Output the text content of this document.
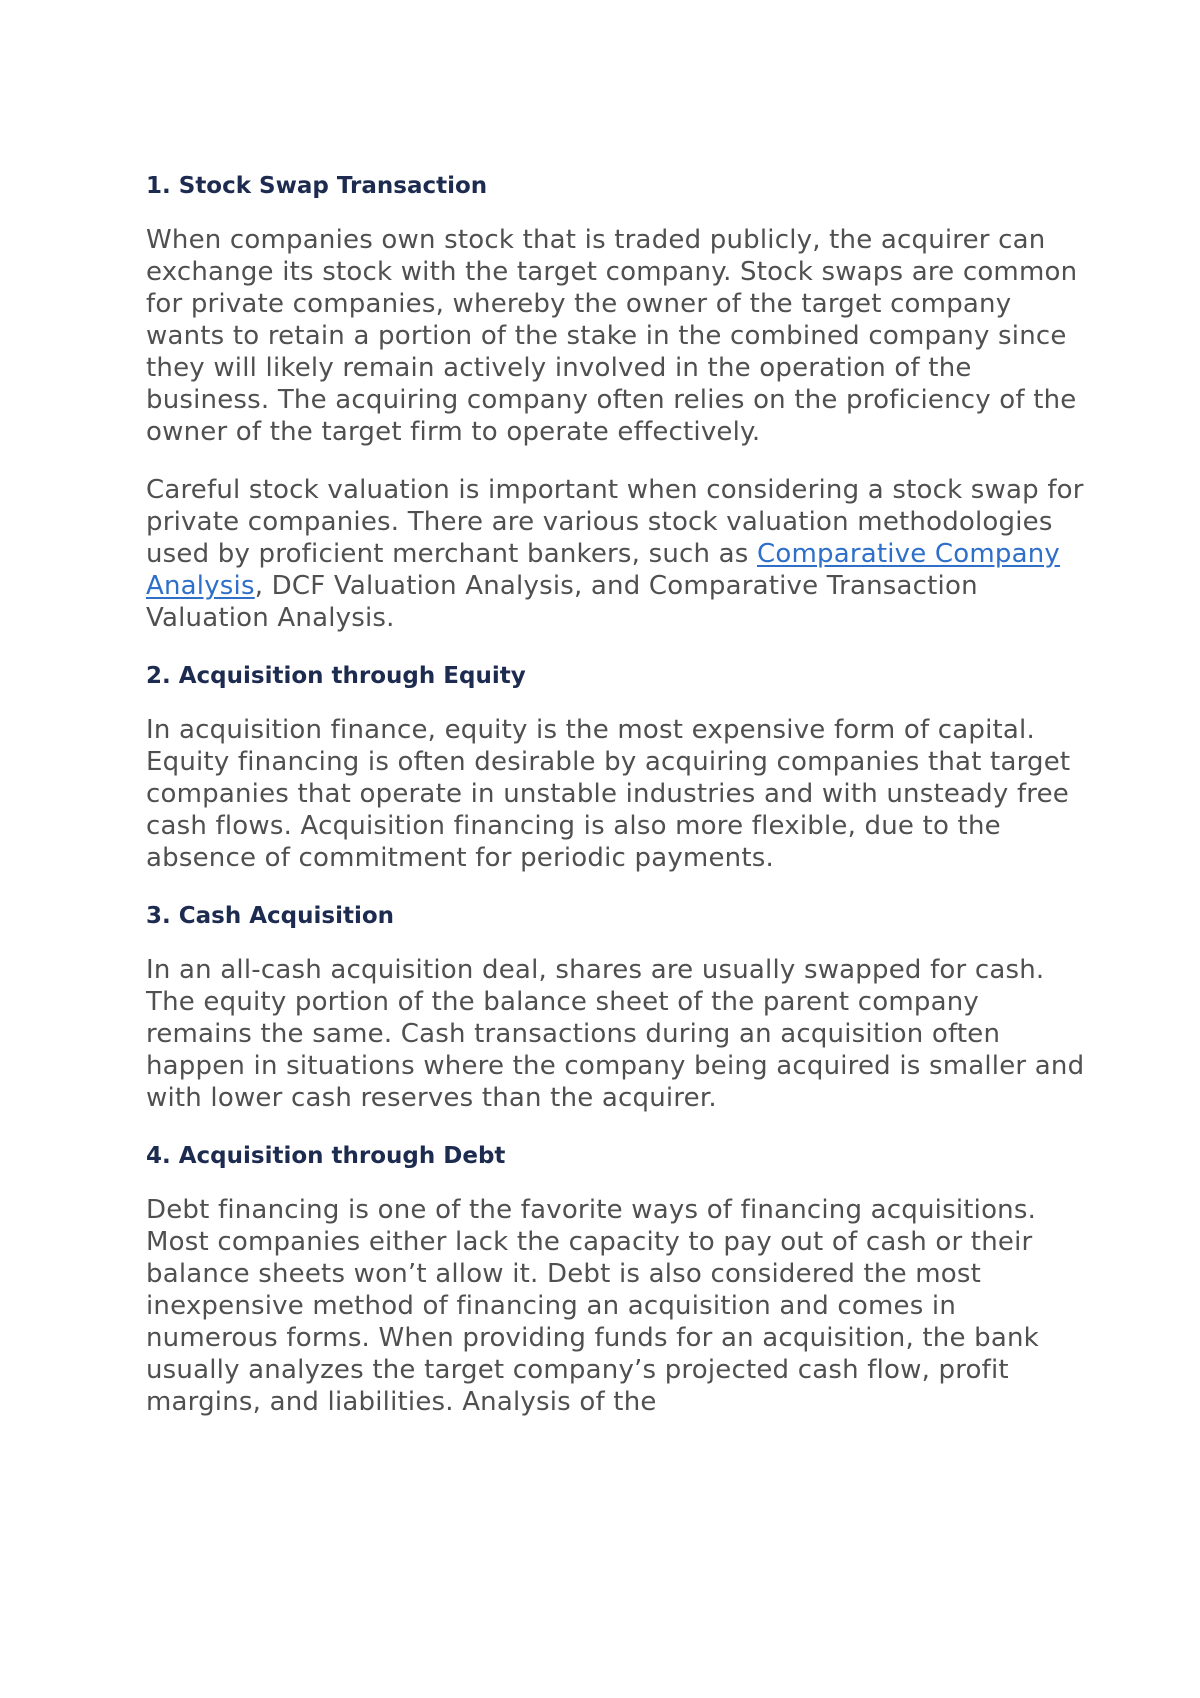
1. Stock Swap Transaction

When companies own stock that is traded publicly, the acquirer can exchange its stock with the target company. Stock swaps are common for private companies, whereby the owner of the target company wants to retain a portion of the stake in the combined company since they will likely remain actively involved in the operation of the business. The acquiring company often relies on the proficiency of the owner of the target firm to operate effectively.

Careful stock valuation is important when considering a stock swap for private companies. There are various stock valuation methodologies used by proficient merchant bankers, such as Comparative Company Analysis, DCF Valuation Analysis, and Comparative Transaction Valuation Analysis.

2. Acquisition through Equity

In acquisition finance, equity is the most expensive form of capital. Equity financing is often desirable by acquiring companies that target companies that operate in unstable industries and with unsteady free cash flows. Acquisition financing is also more flexible, due to the absence of commitment for periodic payments.

3. Cash Acquisition

In an all-cash acquisition deal, shares are usually swapped for cash. The equity portion of the balance sheet of the parent company remains the same. Cash transactions during an acquisition often happen in situations where the company being acquired is smaller and with lower cash reserves than the acquirer.

4. Acquisition through Debt

Debt financing is one of the favorite ways of financing acquisitions. Most companies either lack the capacity to pay out of cash or their balance sheets won’t allow it. Debt is also considered the most inexpensive method of financing an acquisition and comes in numerous forms. When providing funds for an acquisition, the bank usually analyzes the target company’s projected cash flow, profit margins, and liabilities. Analysis of the
